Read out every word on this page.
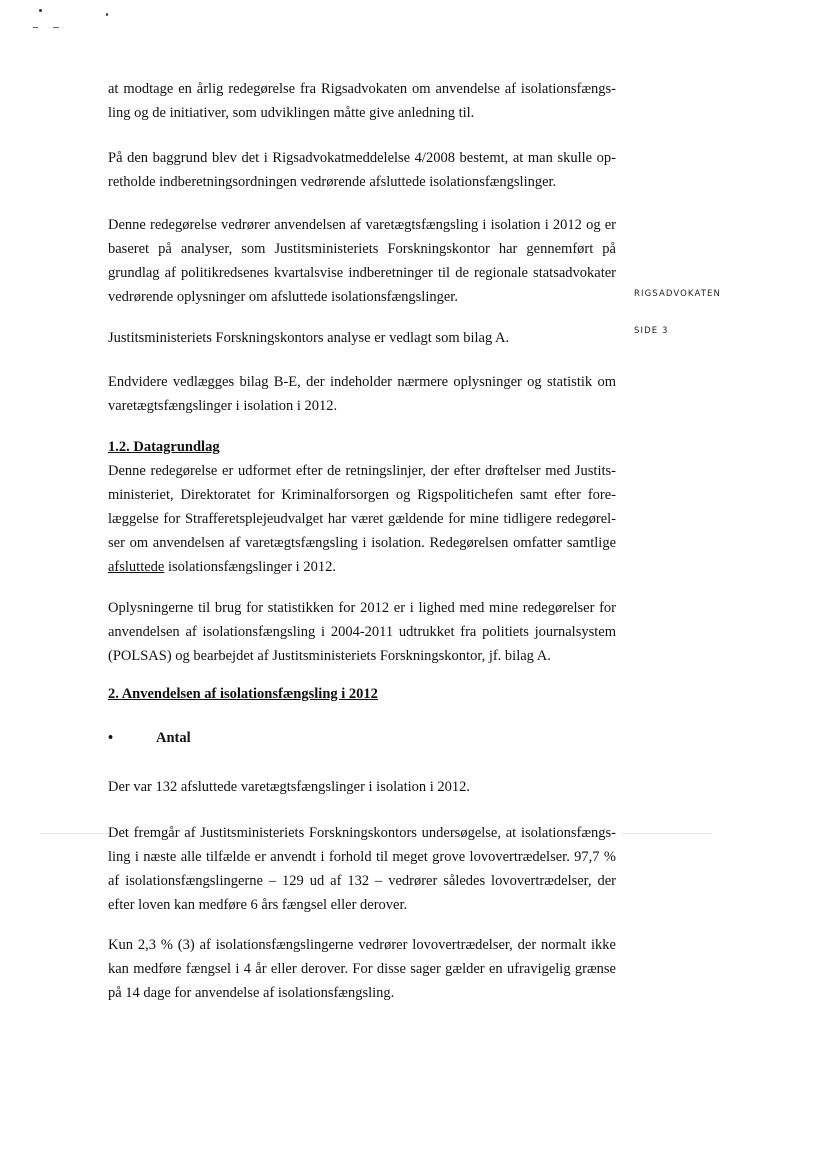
RIGSADVOKATEN
SIDE 3
at modtage en årlig redegørelse fra Rigsadvokaten om anvendelse af isolationsfængs-
ling og de initiativer, som udviklingen måtte give anledning til.
På den baggrund blev det i Rigsadvokatmeddelelse 4/2008 bestemt, at man skulle op-
retholde indberetningsordningen vedrørende afsluttede isolationsfængslinger.
Denne redegørelse vedrører anvendelsen af varetægtsfængsling i isolation i 2012 og er
baseret på analyser, som Justitsministeriets Forskningskontor har gennemført på
grundlag af politikredsenes kvartalsvise indberetninger til de regionale statsadvokater
vedrørende oplysninger om afsluttede isolationsfængslinger.
Justitsministeriets Forskningskontors analyse er vedlagt som bilag A.
Endvidere vedlægges bilag B-E, der indeholder nærmere oplysninger og statistik om
varetægtsfængslinger i isolation i 2012.
1.2. Datagrundlag
Denne redegørelse er udformet efter de retningslinjer, der efter drøftelser med Justits-
ministeriet, Direktoratet for Kriminalforsorgen og Rigspolitichefen samt efter fore-
læggelse for Strafferetsplejeudvalget har været gældende for mine tidligere redegørel-
ser om anvendelsen af varetægtsfængsling i isolation. Redegørelsen omfatter samtlige
afsluttede isolationsfængslinger i 2012.
Oplysningerne til brug for statistikken for 2012 er i lighed med mine redegørelser for
anvendelsen af isolationsfængsling i 2004-2011 udtrukket fra politiets journalsystem
(POLSAS) og bearbejdet af Justitsministeriets Forskningskontor, jf. bilag A.
2. Anvendelsen af isolationsfængsling i 2012
•	Antal
Der var 132 afsluttede varetægtsfængslinger i isolation i 2012.
Det fremgår af Justitsministeriets Forskningskontors undersøgelse, at isolationsfængs-
ling i næste alle tilfælde er anvendt i forhold til meget grove lovovertrædelser. 97,7 %
af isolationsfængslingerne – 129 ud af 132 – vedrører således lovovertrædelser, der
efter loven kan medføre 6 års fængsel eller derover.
Kun 2,3 % (3) af isolationsfængslingerne vedrører lovovertrædelser, der normalt ikke
kan medføre fængsel i 4 år eller derover. For disse sager gælder en ufravigelig grænse
på 14 dage for anvendelse af isolationsfængsling.
